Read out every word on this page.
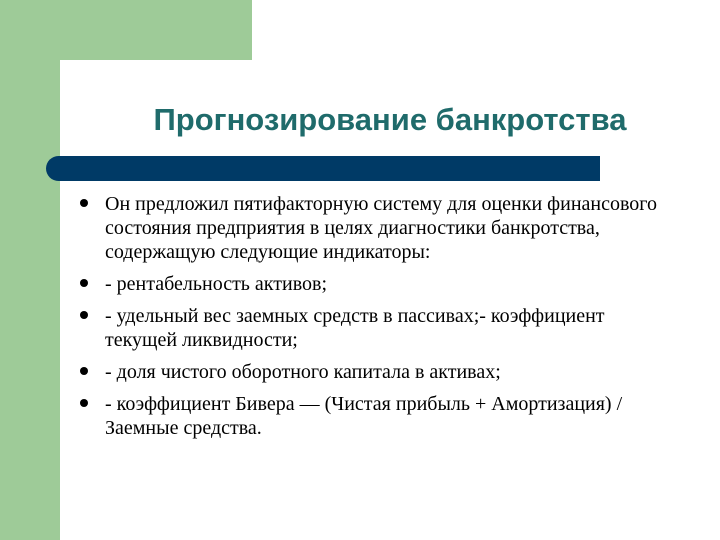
Прогнозирование банкротства
Он предложил пятифакторную систему для оценки финансового состояния предприятия в целях диагностики банкротства, содержащую следующие индикаторы:
- рентабельность активов;
- удельный вес заемных средств в пассивах;- коэффициент текущей ликвидности;
- доля чистого оборотного капитала в активах;
- коэффициент Бивера — (Чистая прибыль + Амортизация) / Заемные средства.
